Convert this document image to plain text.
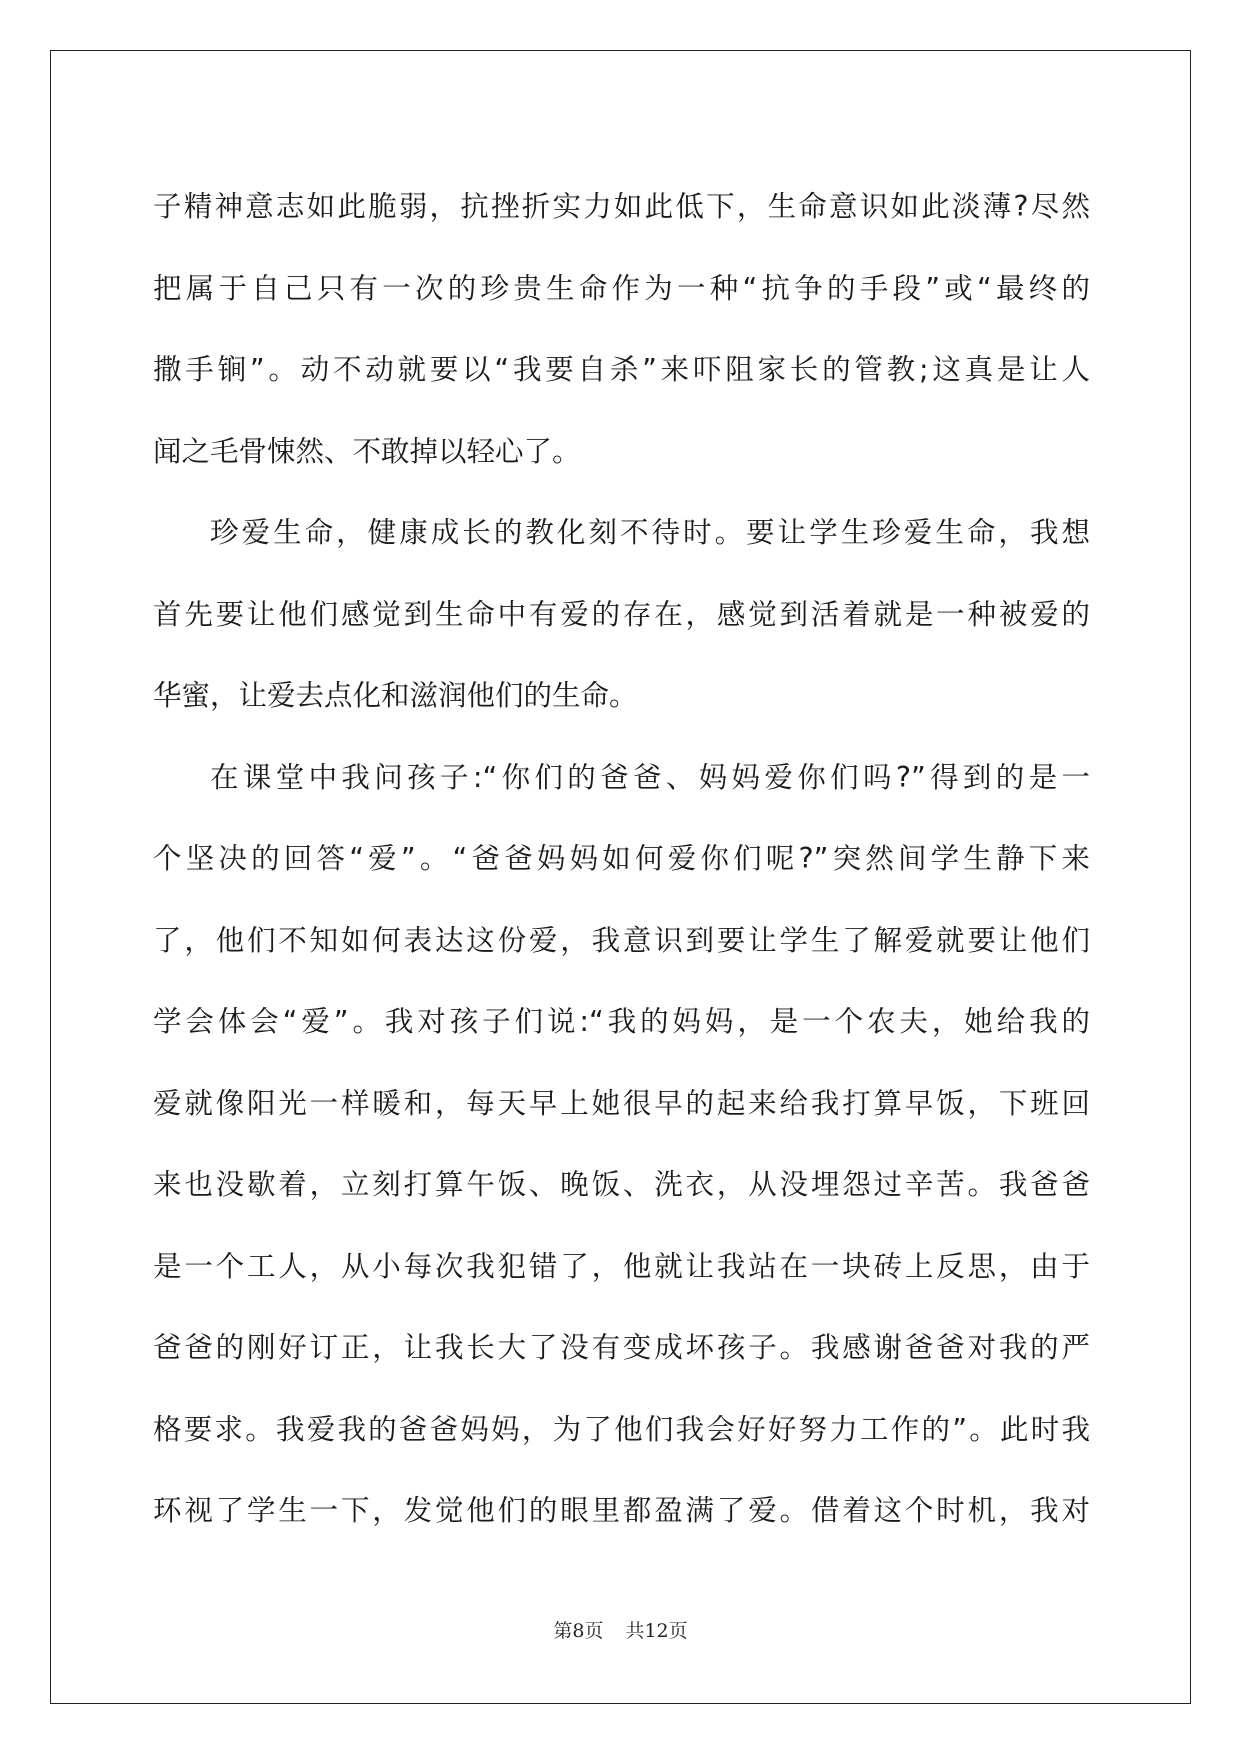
子精神意志如此脆弱，抗挫折实力如此低下，生命意识如此淡薄?尽然
把属于自己只有一次的珍贵生命作为一种“抗争的手段”或“最终的
撒手锏”。动不动就要以“我要自杀”来吓阻家长的管教;这真是让人
闻之毛骨悚然、不敢掉以轻心了。
珍爱生命，健康成长的教化刻不待时。要让学生珍爱生命，我想
首先要让他们感觉到生命中有爱的存在，感觉到活着就是一种被爱的
华蜜，让爱去点化和滋润他们的生命。
在课堂中我问孩子:“你们的爸爸、妈妈爱你们吗?”得到的是一
个坚决的回答“爱”。“爸爸妈妈如何爱你们呢?”突然间学生静下来
了，他们不知如何表达这份爱，我意识到要让学生了解爱就要让他们
学会体会“爱”。我对孩子们说:“我的妈妈，是一个农夫，她给我的
爱就像阳光一样暖和，每天早上她很早的起来给我打算早饭，下班回
来也没歇着，立刻打算午饭、晚饭、洗衣，从没埋怨过辛苦。我爸爸
是一个工人，从小每次我犯错了，他就让我站在一块砖上反思，由于
爸爸的刚好订正，让我长大了没有变成坏孩子。我感谢爸爸对我的严
格要求。我爱我的爸爸妈妈，为了他们我会好好努力工作的”。此时我
环视了学生一下，发觉他们的眼里都盈满了爱。借着这个时机，我对
第8页 共12页
